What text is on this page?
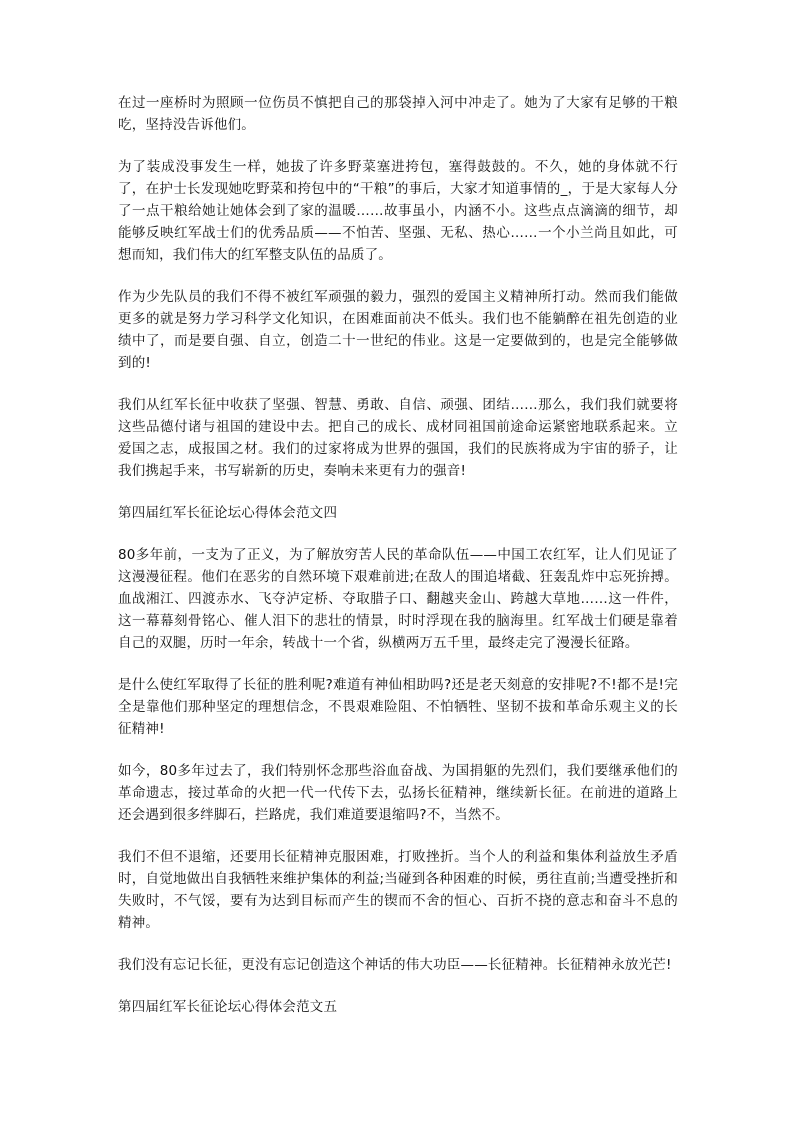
在过一座桥时为照顾一位伤员不慎把自己的那袋掉入河中冲走了。她为了大家有足够的干粮吃，坚持没告诉他们。

为了装成没事发生一样，她拔了许多野菜塞进挎包，塞得鼓鼓的。不久，她的身体就不行了，在护士长发现她吃野菜和挎包中的“干粮”的事后，大家才知道事情的_，于是大家每人分了一点干粮给她让她体会到了家的温暖……故事虽小，内涵不小。这些点点滴滴的细节，却能够反映红军战士们的优秀品质——不怕苦、坚强、无私、热心……一个小兰尚且如此，可想而知，我们伟大的红军整支队伍的品质了。

作为少先队员的我们不得不被红军顽强的毅力，强烈的爱国主义精神所打动。然而我们能做更多的就是努力学习科学文化知识，在困难面前决不低头。我们也不能躺醉在祖先创造的业绩中了，而是要自强、自立，创造二十一世纪的伟业。这是一定要做到的，也是完全能够做到的!

我们从红军长征中收获了坚强、智慧、勇敢、自信、顽强、团结……那么，我们我们就要将这些品德付诸与祖国的建设中去。把自己的成长、成材同祖国前途命运紧密地联系起来。立爱国之志，成报国之材。我们的过家将成为世界的强国，我们的民族将成为宇宙的骄子，让我们携起手来，书写崭新的历史，奏响未来更有力的强音!

第四届红军长征论坛心得体会范文四

80多年前，一支为了正义，为了解放穷苦人民的革命队伍——中国工农红军，让人们见证了这漫漫征程。他们在恶劣的自然环境下艰难前进;在敌人的围追堵截、狂轰乱炸中忘死拚搏。血战湘江、四渡赤水、飞夺泸定桥、夺取腊子口、翻越夹金山、跨越大草地……这一件件，这一幕幕刻骨铭心、催人泪下的悲壮的情景，时时浮现在我的脑海里。红军战士们硬是靠着自己的双腿，历时一年余，转战十一个省，纵横两万五千里，最终走完了漫漫长征路。

是什么使红军取得了长征的胜利呢?难道有神仙相助吗?还是老天刻意的安排呢?不!都不是!完全是靠他们那种坚定的理想信念，不畏艰难险阻、不怕牺牲、坚韧不拔和革命乐观主义的长征精神!

如今，80多年过去了，我们特别怀念那些浴血奋战、为国捐躯的先烈们，我们要继承他们的革命遗志，接过革命的火把一代一代传下去，弘扬长征精神，继续新长征。在前进的道路上还会遇到很多绊脚石，拦路虎，我们难道要退缩吗?不，当然不。

我们不但不退缩，还要用长征精神克服困难，打败挫折。当个人的利益和集体利益放生矛盾时，自觉地做出自我牺牲来维护集体的利益;当碰到各种困难的时候，勇往直前;当遭受挫折和失败时，不气馁，要有为达到目标而产生的锲而不舍的恒心、百折不挠的意志和奋斗不息的精神。

我们没有忘记长征，更没有忘记创造这个神话的伟大功臣——长征精神。长征精神永放光芒!

第四届红军长征论坛心得体会范文五
